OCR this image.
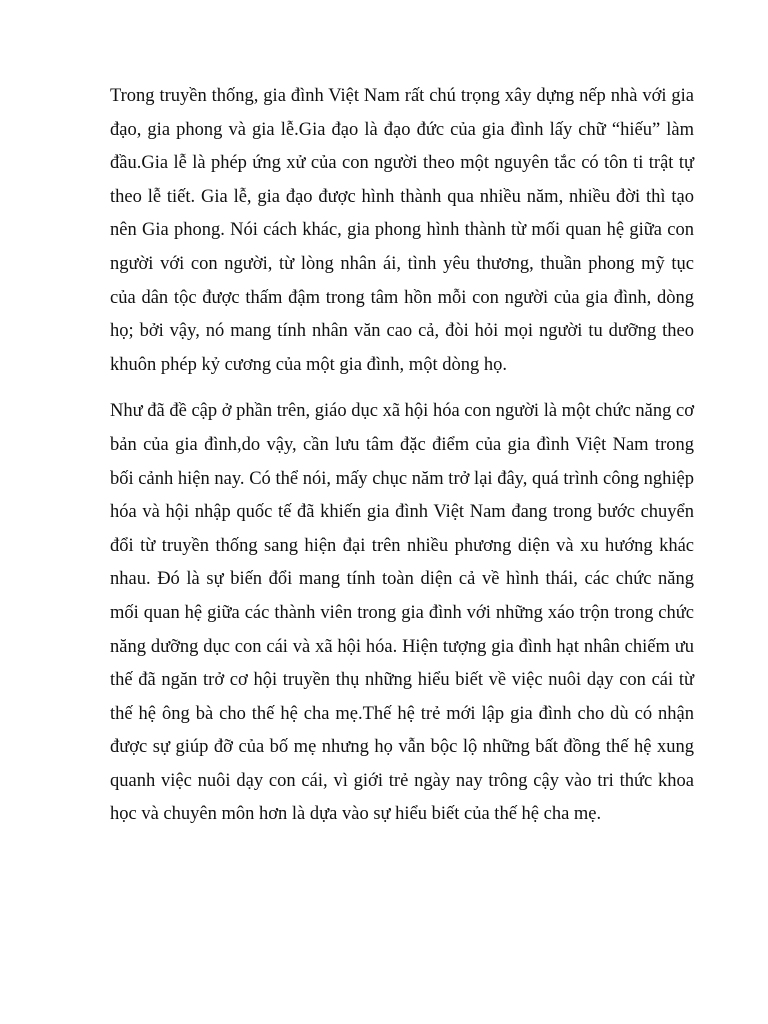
Trong truyền thống, gia đình Việt Nam rất chú trọng xây dựng nếp nhà với gia đạo, gia phong và gia lễ.Gia đạo là đạo đức của gia đình lấy chữ “hiếu” làm đầu.Gia lễ là phép ứng xử của con người theo một nguyên tắc có tôn ti trật tự theo lễ tiết. Gia lễ, gia đạo được hình thành qua nhiều năm, nhiều đời thì tạo nên Gia phong. Nói cách khác, gia phong hình thành từ mối quan hệ giữa con người với con người, từ lòng nhân ái, tình yêu thương, thuần phong mỹ tục của dân tộc được thấm đậm trong tâm hồn mỗi con người của gia đình, dòng họ; bởi vậy, nó mang tính nhân văn cao cả, đòi hỏi mọi người tu dưỡng theo khuôn phép kỷ cương của một gia đình, một dòng họ.

Như đã đề cập ở phần trên, giáo dục xã hội hóa con người là một chức năng cơ bản của gia đình,do vậy, cần lưu tâm đặc điểm của gia đình Việt Nam trong bối cảnh hiện nay. Có thể nói, mấy chục năm trở lại đây, quá trình công nghiệp hóa và hội nhập quốc tế đã khiến gia đình Việt Nam đang trong bước chuyển đổi từ truyền thống sang hiện đại trên nhiều phương diện và xu hướng khác nhau. Đó là sự biến đổi mang tính toàn diện cả về hình thái, các chức năng mối quan hệ giữa các thành viên trong gia đình với những xáo trộn trong chức năng dưỡng dục con cái và xã hội hóa. Hiện tượng gia đình hạt nhân chiếm ưu thế đã ngăn trở cơ hội truyền thụ những hiểu biết về việc nuôi dạy con cái từ thế hệ ông bà cho thế hệ cha mẹ.Thế hệ trẻ mới lập gia đình cho dù có nhận được sự giúp đỡ của bố mẹ nhưng họ vẫn bộc lộ những bất đồng thế hệ xung quanh việc nuôi dạy con cái, vì giới trẻ ngày nay trông cậy vào tri thức khoa học và chuyên môn hơn là dựa vào sự hiểu biết của thế hệ cha mẹ.
